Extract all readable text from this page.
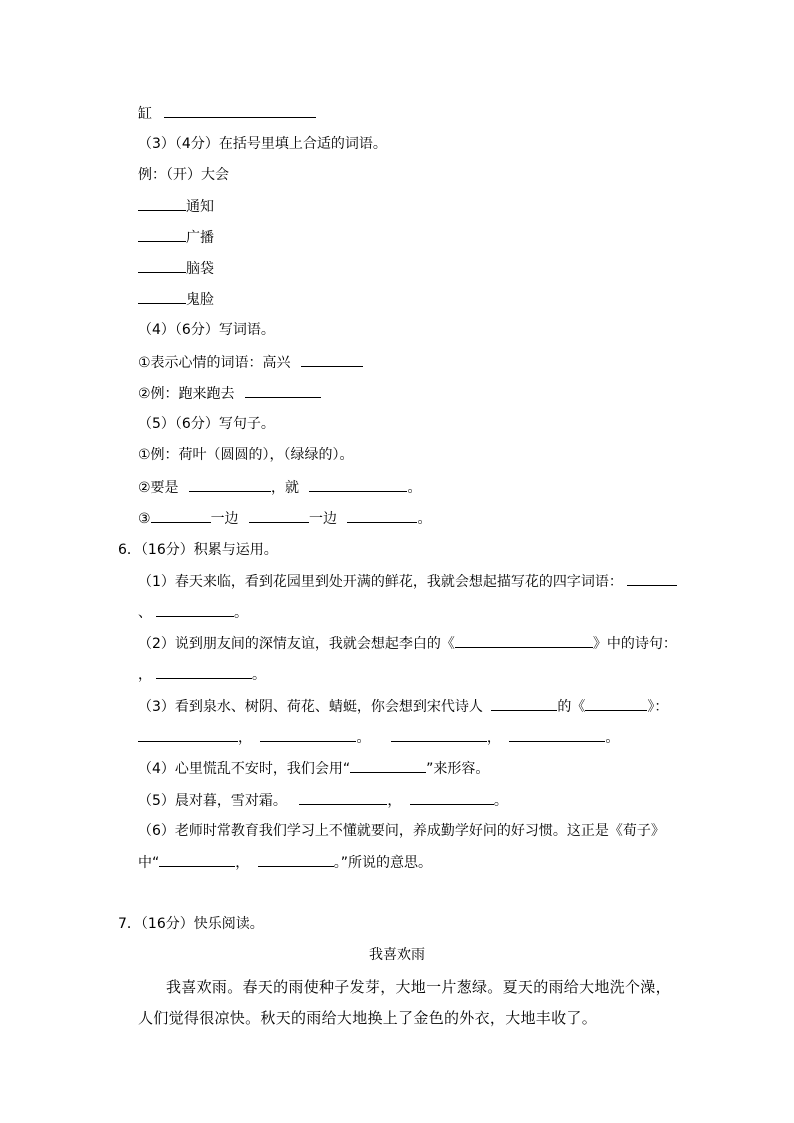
缸
（3）（4分）在括号里填上合适的词语。
例：（开）大会
通知
广播
脑袋
鬼脸
（4）（6分）写词语。
①表示心情的词语：高兴
②例：跑来跑去
（5）（6分）写句子。
①例：荷叶（圆圆的），（绿绿的）。
②要是	，就	。
③	一边	一边	。
6．（16分）积累与运用。
（1）春天来临，看到花园里到处开满的鲜花，我就会想起描写花的四字词语：
、	。
（2）说到朋友间的深情友谊，我就会想起李白的《	》中的诗句：
，	。
（3）看到泉水、树阴、荷花、蜻蜓，你会想到宋代诗人	的《	》：
，	。	，	。
（4）心里慌乱不安时，我们会用“	”来形容。
（5）晨对暮，雪对霜。	，	。
（6）老师时常教育我们学习上不懂就要问，养成勤学好问的好习惯。这正是《荀子》
中“	，	。”所说的意思。
7．（16分）快乐阅读。
我喜欢雨
我喜欢雨。春天的雨使种子发芽，大地一片葱绿。夏天的雨给大地洗个澡，人们觉得很凉快。秋天的雨给大地换上了金色的外衣，大地丰收了。
